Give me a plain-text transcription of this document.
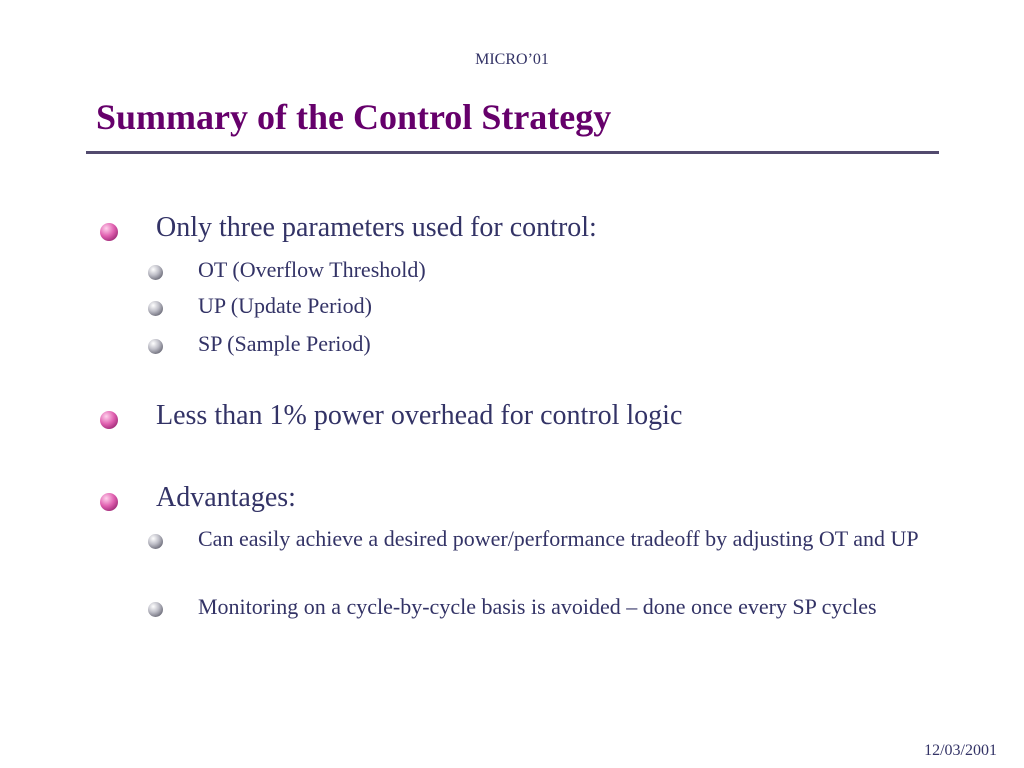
MICRO’01
Summary of the Control Strategy
Only three parameters used for control:
OT (Overflow Threshold)
UP (Update Period)
SP (Sample Period)
Less than 1% power overhead for control logic
Advantages:
Can easily achieve a desired power/performance tradeoff by adjusting OT and UP
Monitoring on a cycle-by-cycle basis is avoided – done once every SP cycles
12/03/2001
